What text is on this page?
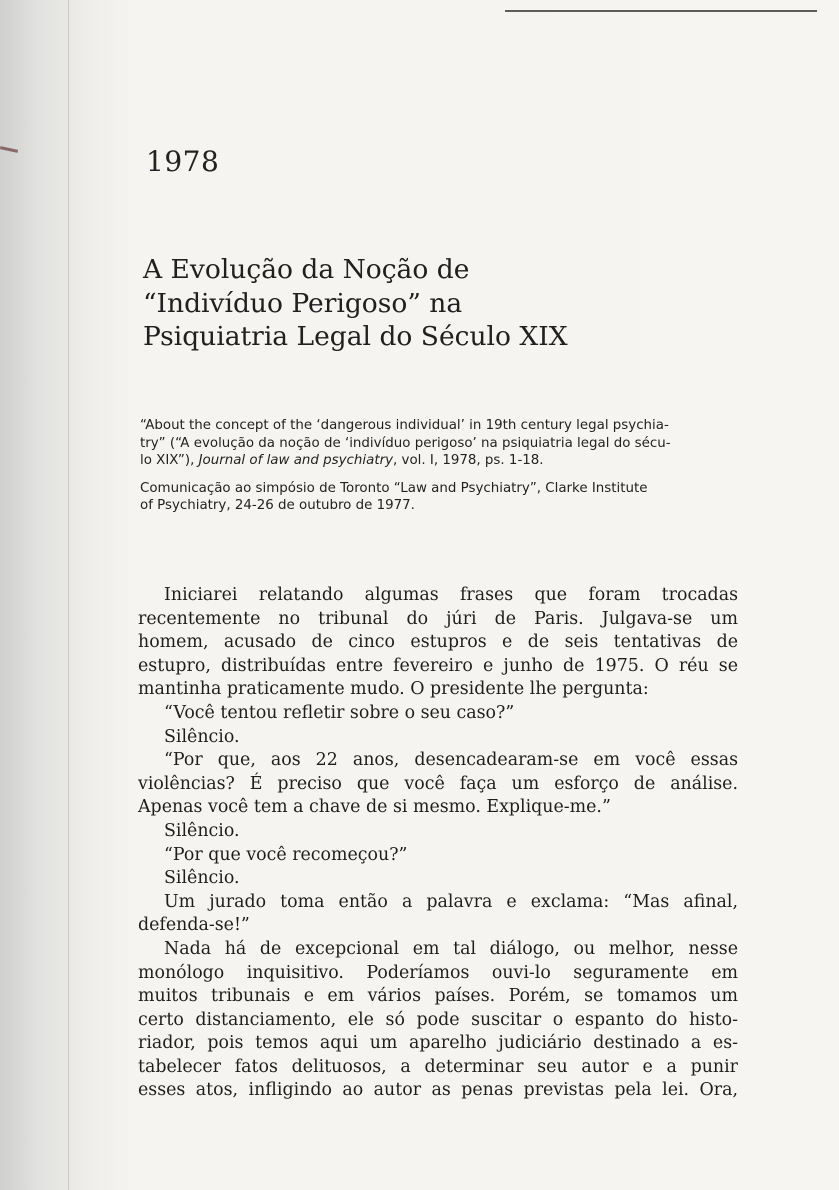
1978
A Evolução da Noção de
“Indivíduo Perigoso” na
Psiquiatria Legal do Século XIX

“About the concept of the ‘dangerous individual’ in 19th century legal psychia-
try” (“A evolução da noção de ‘indivíduo perigoso’ na psiquiatria legal do sécu-
lo XIX”), Journal of law and psychiatry, vol. I, 1978, ps. 1-18.

Comunicação ao simpósio de Toronto “Law and Psychiatry”, Clarke Institute
of Psychiatry, 24-26 de outubro de 1977.

Iniciarei relatando algumas frases que foram trocadas
recentemente no tribunal do júri de Paris. Julgava-se um
homem, acusado de cinco estupros e de seis tentativas de
estupro, distribuídas entre fevereiro e junho de 1975. O réu se
mantinha praticamente mudo. O presidente lhe pergunta:
“Você tentou refletir sobre o seu caso?”
Silêncio.
“Por que, aos 22 anos, desencadearam-se em você essas
violências? É preciso que você faça um esforço de análise.
Apenas você tem a chave de si mesmo. Explique-me.”
Silêncio.
“Por que você recomeçou?”
Silêncio.
Um jurado toma então a palavra e exclama: “Mas afinal,
defenda-se!”
Nada há de excepcional em tal diálogo, ou melhor, nesse
monólogo inquisitivo. Poderíamos ouvi-lo seguramente em
muitos tribunais e em vários países. Porém, se tomamos um
certo distanciamento, ele só pode suscitar o espanto do histo-
riador, pois temos aqui um aparelho judiciário destinado a es-
tabelecer fatos delituosos, a determinar seu autor e a punir
esses atos, infligindo ao autor as penas previstas pela lei. Ora,
